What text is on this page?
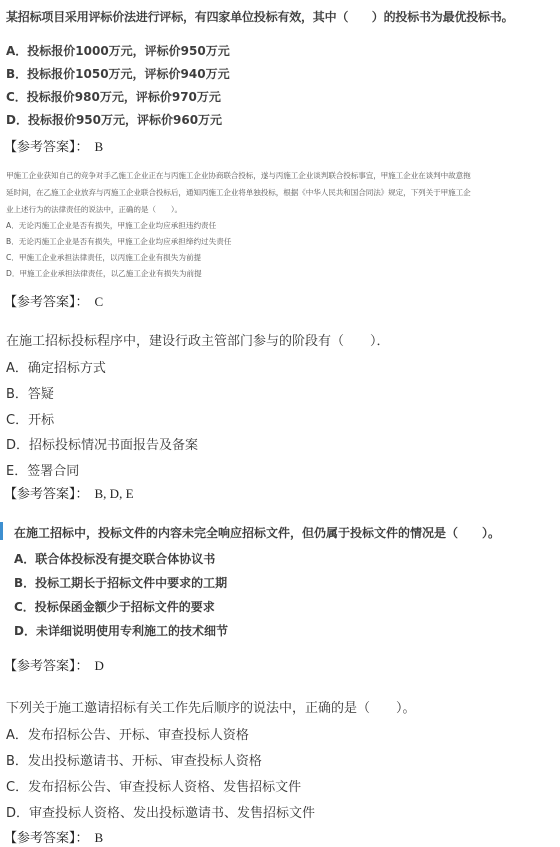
某招标项目采用评标价法进行评标，有四家单位投标有效，其中（　　）的投标书为最优投标书。
A．投标报价1000万元，评标价950万元
B．投标报价1050万元，评标价940万元
C．投标报价980万元，评标价970万元
D．投标报价950万元，评标价960万元
【参考答案】： B
甲施工企业获知自己的竞争对手乙施工企业正在与丙施工企业协商联合投标，遂与丙施工企业谈判联合投标事宜，甲施工企业在谈判中故意拖
延时间，在乙施工企业放弃与丙施工企业联合投标后，通知丙施工企业将单独投标，根据《中华人民共和国合同法》规定，下列关于甲施工企
业上述行为的法律责任的说法中，正确的是（　　）。
A．无论丙施工企业是否有损失，甲施工企业均应承担违约责任
B．无论丙施工企业是否有损失，甲施工企业均应承担缔约过失责任
C．甲施工企业承担法律责任，以丙施工企业有损失为前提
D．甲施工企业承担法律责任，以乙施工企业有损失为前提
【参考答案】： C
在施工招标投标程序中，建设行政主管部门参与的阶段有（　　）．
A．确定招标方式
B．答疑
C．开标
D．招标投标情况书面报告及备案
E．签署合同
【参考答案】： B, D, E
在施工招标中，投标文件的内容未完全响应招标文件，但仍属于投标文件的情况是（　　）。
A．联合体投标没有提交联合体协议书
B．投标工期长于招标文件中要求的工期
C．投标保函金额少于招标文件的要求
D．未详细说明使用专利施工的技术细节
【参考答案】： D
下列关于施工邀请招标有关工作先后顺序的说法中，正确的是（　　）。
A．发布招标公告、开标、审查投标人资格
B．发出投标邀请书、开标、审查投标人资格
C．发布招标公告、审查投标人资格、发售招标文件
D．审查投标人资格、发出投标邀请书、发售招标文件
【参考答案】： B
